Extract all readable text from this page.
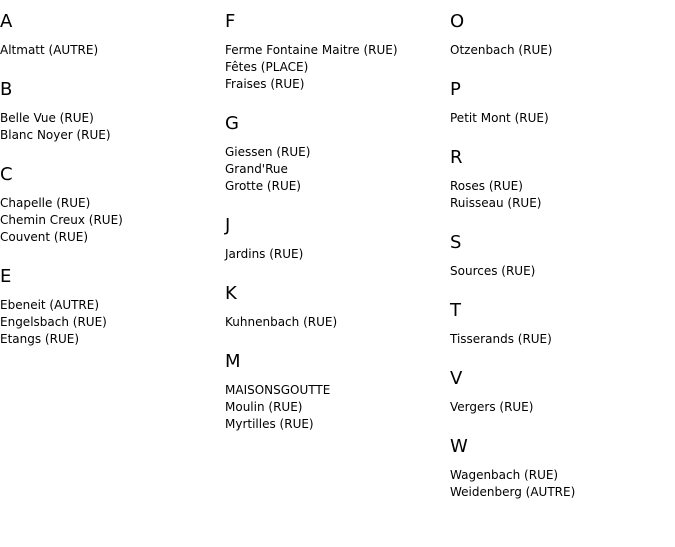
A
Altmatt (AUTRE)
B
Belle Vue (RUE)
Blanc Noyer (RUE)
C
Chapelle (RUE)
Chemin Creux (RUE)
Couvent (RUE)
E
Ebeneit (AUTRE)
Engelsbach (RUE)
Etangs (RUE)
F
Ferme Fontaine Maitre (RUE)
Fêtes (PLACE)
Fraises (RUE)
G
Giessen (RUE)
Grand'Rue
Grotte (RUE)
J
Jardins (RUE)
K
Kuhnenbach (RUE)
M
MAISONSGOUTTE
Moulin (RUE)
Myrtilles (RUE)
O
Otzenbach (RUE)
P
Petit Mont (RUE)
R
Roses (RUE)
Ruisseau (RUE)
S
Sources (RUE)
T
Tisserands (RUE)
V
Vergers (RUE)
W
Wagenbach (RUE)
Weidenberg (AUTRE)
